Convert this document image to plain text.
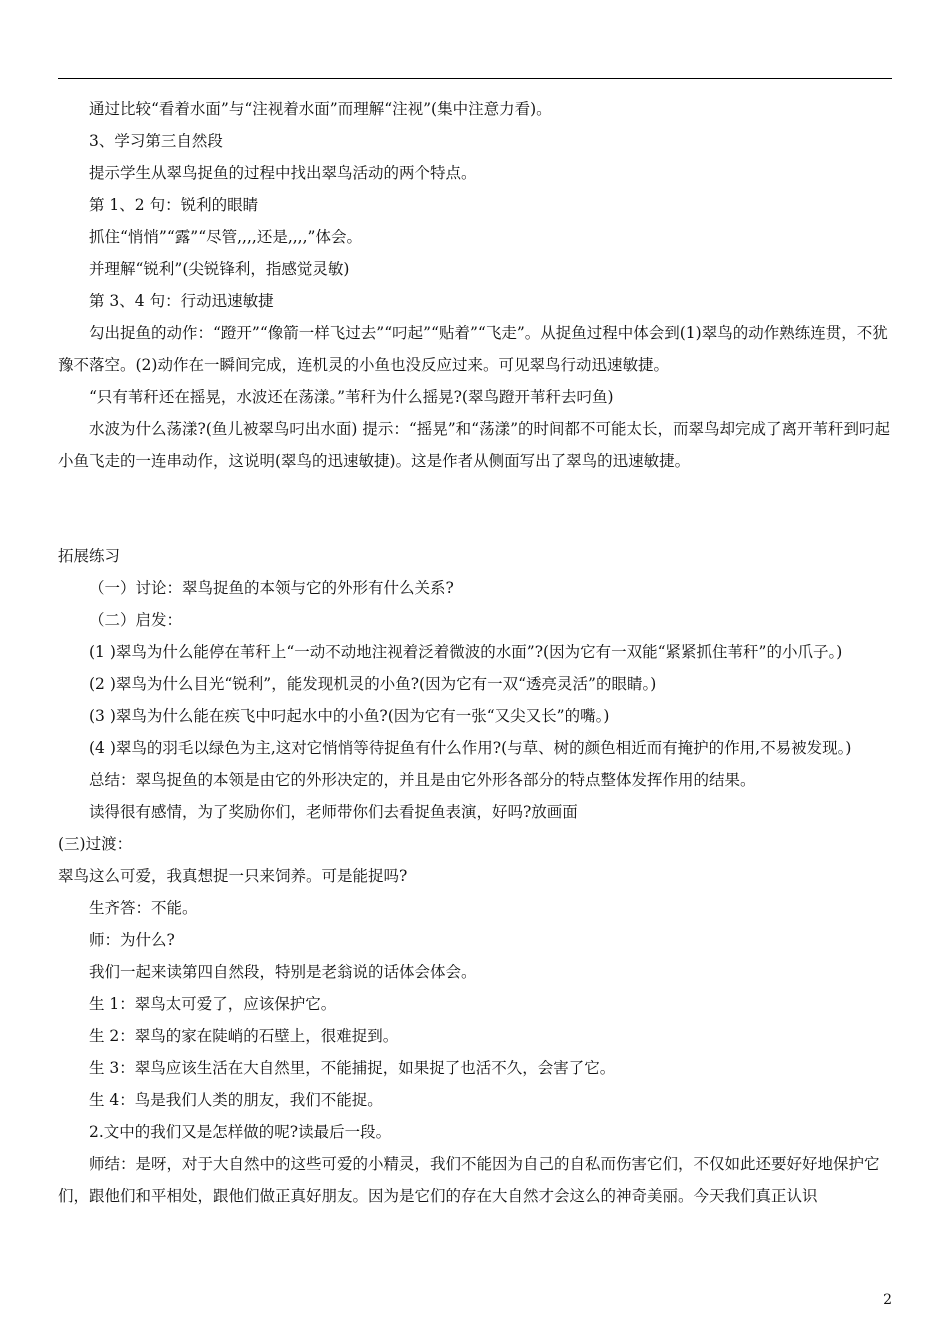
通过比较“看着水面”与“注视着水面”而理解“注视”(集中注意力看)。

3、学习第三自然段

提示学生从翠鸟捉鱼的过程中找出翠鸟活动的两个特点。

第 1、2 句：锐利的眼睛

抓住“悄悄”“露”“尽管,,,,还是,,,,”体会。

并理解“锐利”(尖锐锋利，指感觉灵敏)

第 3、4 句：行动迅速敏捷

勾出捉鱼的动作：“蹬开”“像箭一样飞过去”“叼起”“贴着”“飞走”。从捉鱼过程中体会到(1)翠鸟的动作熟练连贯，不犹豫不落空。(2)动作在一瞬间完成，连机灵的小鱼也没反应过来。可见翠鸟行动迅速敏捷。

“只有苇秆还在摇晃，水波还在荡漾。”苇秆为什么摇晃?(翠鸟蹬开苇秆去叼鱼)

水波为什么荡漾?(鱼儿被翠鸟叼出水面) 提示：“摇晃”和“荡漾”的时间都不可能太长，而翠鸟却完成了离开苇秆到叼起小鱼飞走的一连串动作，这说明(翠鸟的迅速敏捷)。这是作者从侧面写出了翠鸟的迅速敏捷。

拓展练习

（一）讨论：翠鸟捉鱼的本领与它的外形有什么关系?

（二）启发：

(1 )翠鸟为什么能停在苇秆上“一动不动地注视着泛着微波的水面”?(因为它有一双能“紧紧抓住苇秆”的小爪子。)

(2 )翠鸟为什么目光“锐利”，能发现机灵的小鱼?(因为它有一双“透亮灵活”的眼睛。)

(3 )翠鸟为什么能在疾飞中叼起水中的小鱼?(因为它有一张“又尖又长”的嘴。)

(4 )翠鸟的羽毛以绿色为主,这对它悄悄等待捉鱼有什么作用?(与草、树的颜色相近而有掩护的作用,不易被发现。)

总结：翠鸟捉鱼的本领是由它的外形决定的，并且是由它外形各部分的特点整体发挥作用的结果。

读得很有感情，为了奖励你们，老师带你们去看捉鱼表演，好吗?放画面

(三)过渡：

翠鸟这么可爱，我真想捉一只来饲养。可是能捉吗?

生齐答：不能。

师：为什么?

我们一起来读第四自然段，特别是老翁说的话体会体会。

生 1：翠鸟太可爱了，应该保护它。

生 2：翠鸟的家在陡峭的石壁上，很难捉到。

生 3：翠鸟应该生活在大自然里，不能捕捉，如果捉了也活不久，会害了它。

生 4：鸟是我们人类的朋友，我们不能捉。

2.文中的我们又是怎样做的呢?读最后一段。

师结：是呀，对于大自然中的这些可爱的小精灵，我们不能因为自己的自私而伤害它们，不仅如此还要好好地保护它们，跟他们和平相处，跟他们做正真好朋友。因为是它们的存在大自然才会这么的神奇美丽。今天我们真正认识

2
